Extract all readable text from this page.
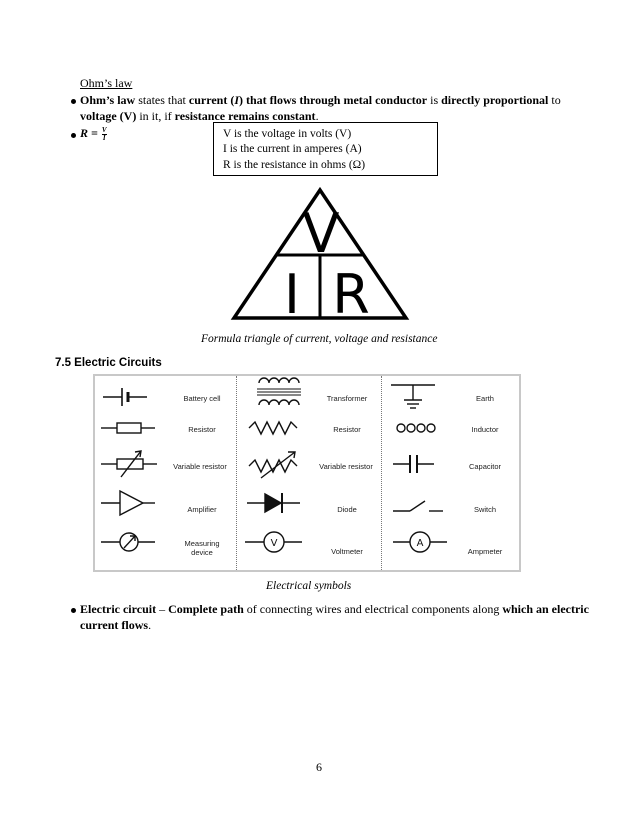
Ohm’s law
Ohm’s law states that current (I) that flows through metal conductor is directly proportional to
voltage (V) in it, if resistance remains constant.
$R = \frac{V}{I}$	V is the voltage in volts (V)
I is the current in amperes (A)
R is the resistance in ohms (Ω)
V
I R
Formula triangle of current, voltage and resistance
7.5 Electric Circuits
V	A
Battery cell
Resistor
Variable resistor
Amplifier
Measuring device
Transformer
Resistor
Variable resistor
Diode
Voltmeter
Earth
Inductor
Capacitor
Switch
Ampmeter
Electrical symbols
Electric circuit – Complete path of connecting wires and electrical components along which an electric
current flows.
6
